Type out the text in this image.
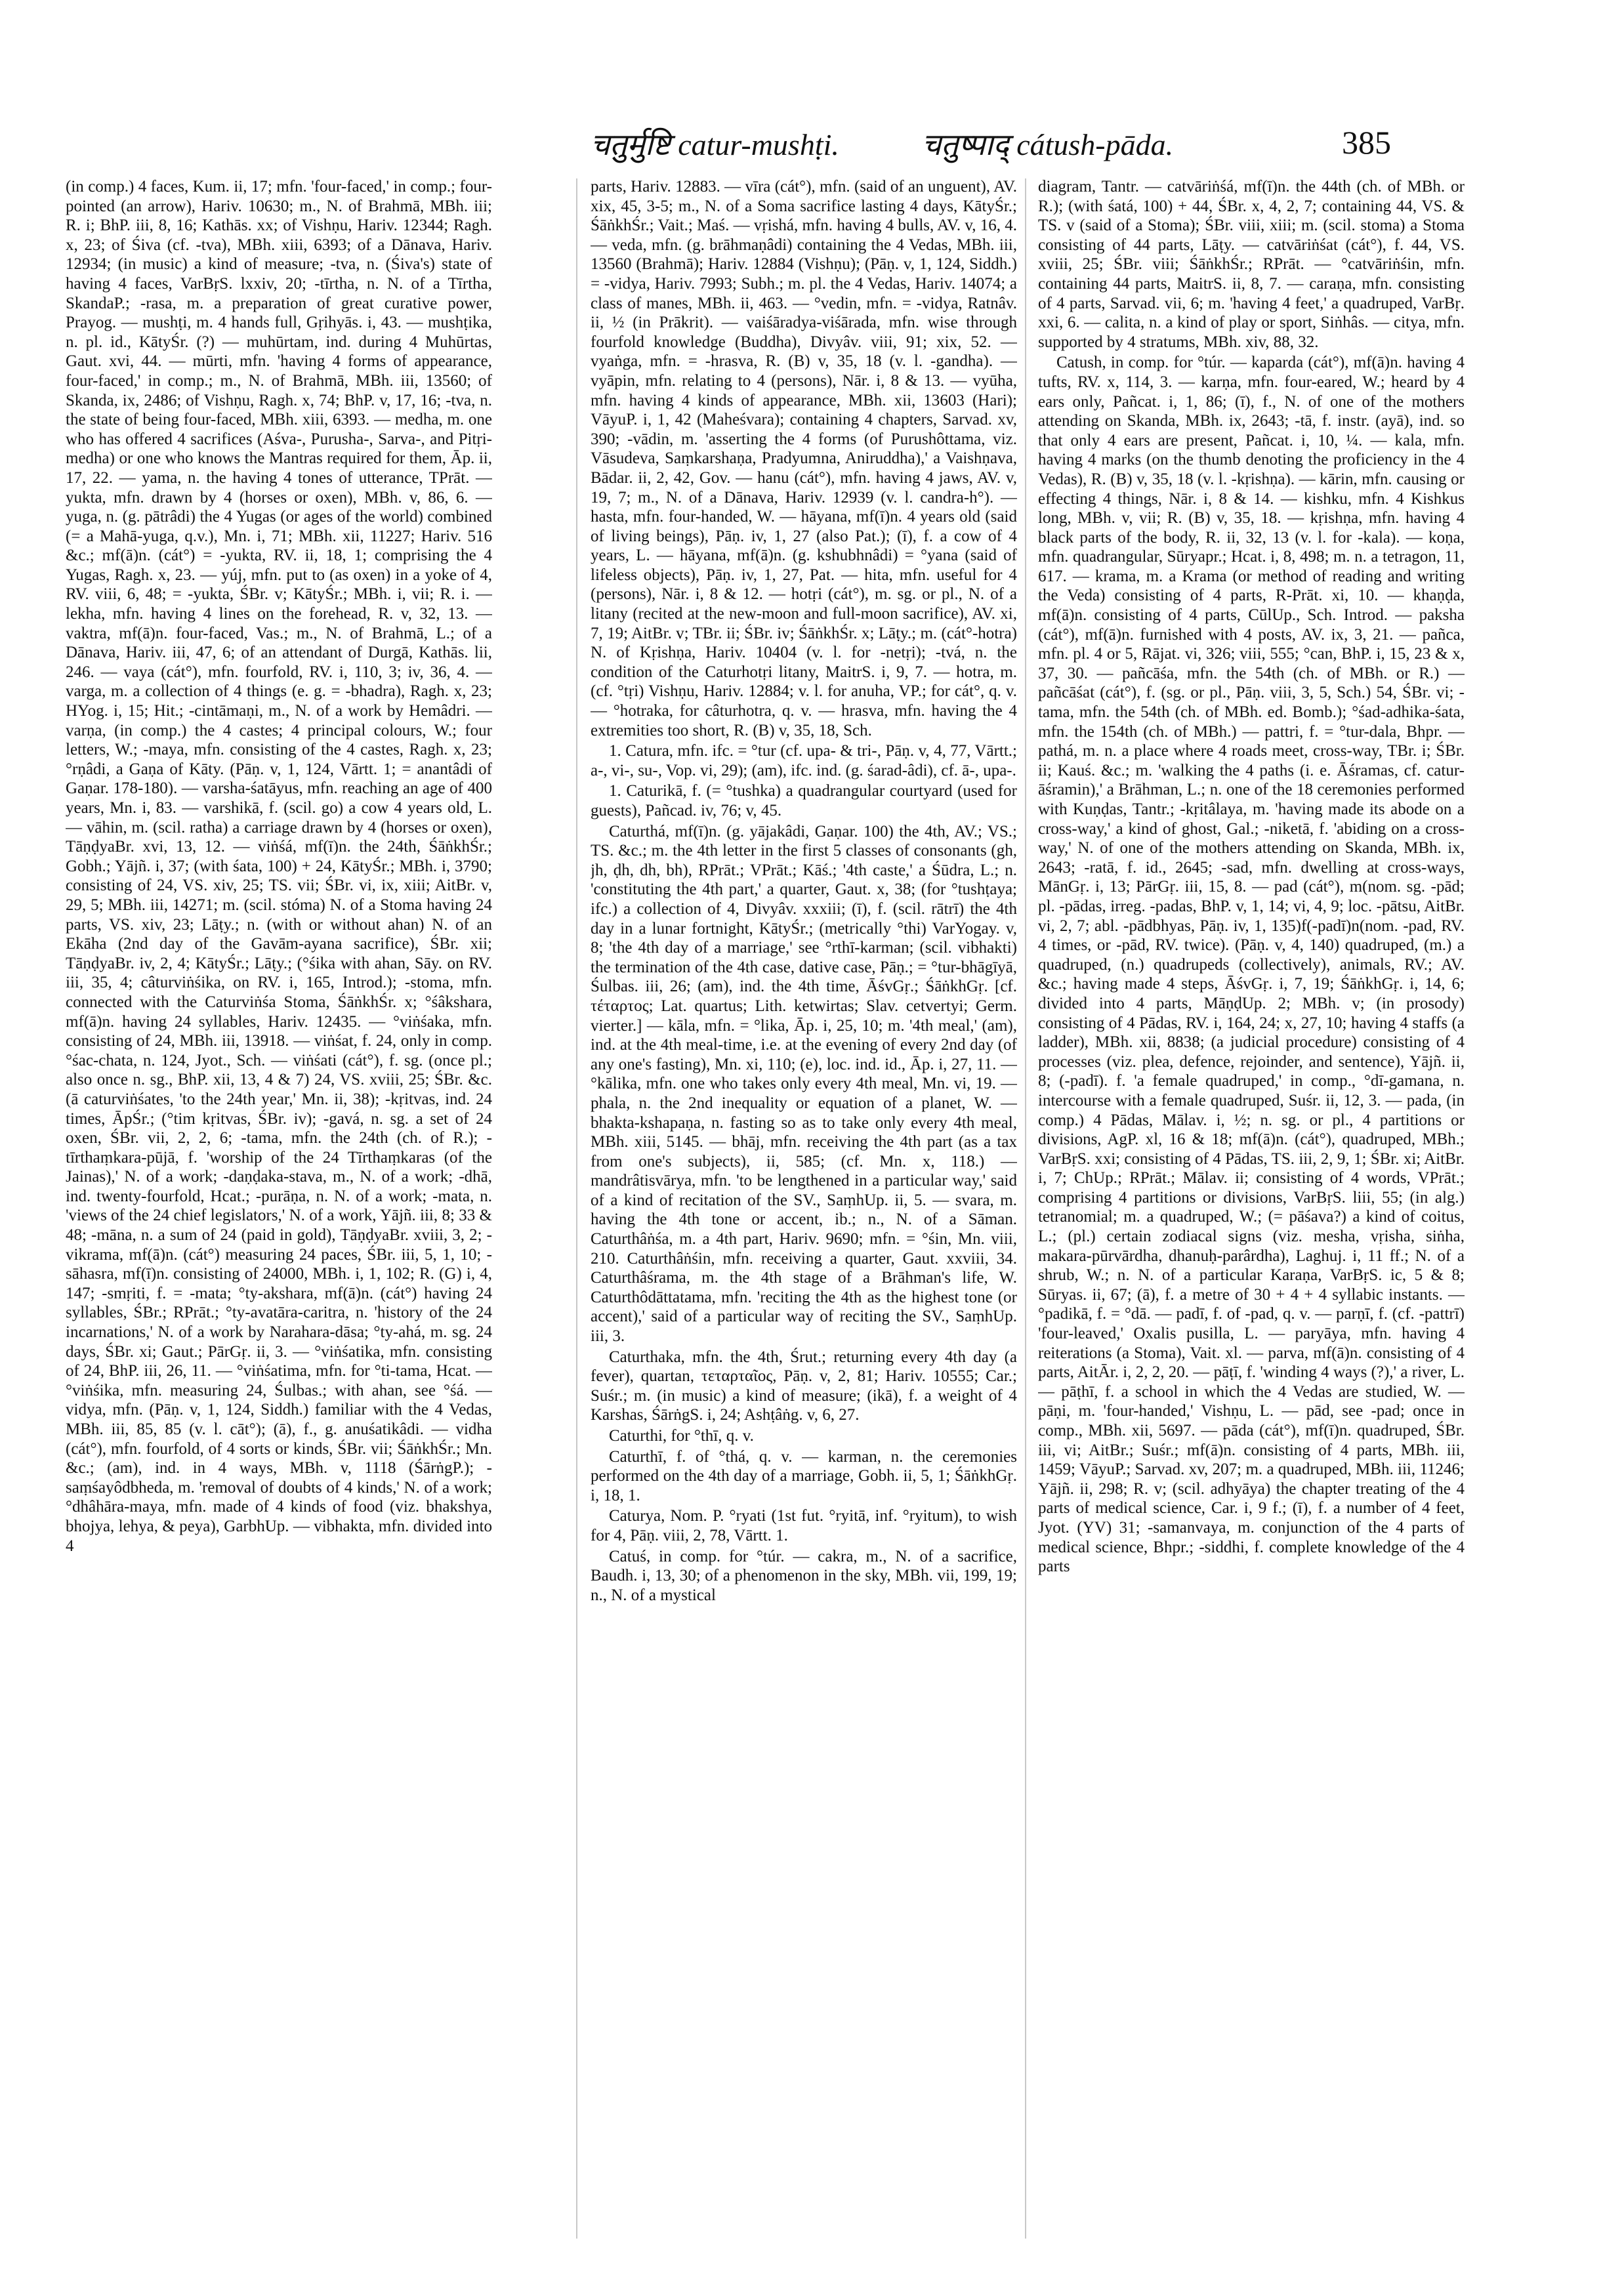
चतुर्मुष्टि catur-mushṭi.	चतुष्पाद् cátush-pāda.	385

(in comp.) 4 faces, Kum. ii, 17; mfn. 'four-faced,' in comp.; four-pointed (an arrow), Hariv. 10630; m., N. of Brahmā, MBh. iii; R. i; BhP. iii, 8, 16; Kathās. xx; of Vishṇu, Hariv. 12344; Ragh. x, 23; of Śiva (cf. -tva), MBh. xiii, 6393; of a Dānava, Hariv. 12934; (in music) a kind of measure; -tva, n. (Śiva's) state of having 4 faces, VarBṛS. lxxiv, 20; -tīrtha, n. N. of a Tīrtha, SkandaP.; -rasa, m. a preparation of great curative power, Prayog. — mushṭi, m. 4 hands full, Gṛihyās. i, 43. — mushṭika, n. pl. id., KātyŚr. (?) — muhūrtam, ind. during 4 Muhūrtas, Gaut. xvi, 44. — mūrti, mfn. 'having 4 forms of appearance, four-faced,' in comp.; m., N. of Brahmā, MBh. iii, 13560; of Skanda, ix, 2486; of Vishṇu, Ragh. x, 74; BhP. v, 17, 16; -tva, n. the state of being four-faced, MBh. xiii, 6393. — medha, m. one who has offered 4 sacrifices (Aśva-, Purusha-, Sarva-, and Pitṛi-medha) or one who knows the Mantras required for them, Āp. ii, 17, 22. — yama, n. the having 4 tones of utterance, TPrāt. — yukta, mfn. drawn by 4 (horses or oxen), MBh. v, 86, 6. — yuga, n. (g. pātrâdi) the 4 Yugas (or ages of the world) combined (= a Mahā-yuga, q.v.), Mn. i, 71; MBh. xii, 11227; Hariv. 516 &c.; mf(ā)n. (cát°) = -yukta, RV. ii, 18, 1; comprising the 4 Yugas, Ragh. x, 23. — yúj, mfn. put to (as oxen) in a yoke of 4, RV. viii, 6, 48; = -yukta, ŚBr. v; KātyŚr.; MBh. i, vii; R. i. — lekha, mfn. having 4 lines on the forehead, R. v, 32, 13. — vaktra, mf(ā)n. four-faced, Vas.; m., N. of Brahmā, L.; of a Dānava, Hariv. iii, 47, 6; of an attendant of Durgā, Kathās. lii, 246. — vaya (cát°), mfn. fourfold, RV. i, 110, 3; iv, 36, 4. — varga, m. a collection of 4 things (e. g. = -bhadra), Ragh. x, 23; HYog. i, 15; Hit.; -cintāmaṇi, m., N. of a work by Hemâdri. — varṇa, (in comp.) the 4 castes; 4 principal colours, W.; four letters, W.; -maya, mfn. consisting of the 4 castes, Ragh. x, 23; °rṇâdi, a Gaṇa of Kāty. (Pāṇ. v, 1, 124, Vārtt. 1; = anantâdi of Gaṇar. 178-180). — varsha-śatāyus, mfn. reaching an age of 400 years, Mn. i, 83. — varshikā, f. (scil. go) a cow 4 years old, L. — vāhin, m. (scil. ratha) a carriage drawn by 4 (horses or oxen), TāṇḍyaBr. xvi, 13, 12. — viṅśá, mf(ī)n. the 24th, ŚāṅkhŚr.; Gobh.; Yājñ. i, 37; (with śata, 100) + 24, KātyŚr.; MBh. i, 3790; consisting of 24, VS. xiv, 25; TS. vii; ŚBr. vi, ix, xiii; AitBr. v, 29, 5; MBh. iii, 14271; m. (scil. stóma) N. of a Stoma having 24 parts, VS. xiv, 23; Lāṭy.; n. (with or without ahan) N. of an Ekāha (2nd day of the Gavām-ayana sacrifice), ŚBr. xii; TāṇḍyaBr. iv, 2, 4; KātyŚr.; Lāṭy.; (°śika with ahan, Sāy. on RV. iii, 35, 4; câturviṅśika, on RV. i, 165, Introd.); -stoma, mfn. connected with the Caturviṅśa Stoma, ŚāṅkhŚr. x; °śâkshara, mf(ā)n. having 24 syllables, Hariv. 12435. — °viṅśaka, mfn. consisting of 24, MBh. iii, 13918. — viṅśat, f. 24, only in comp. °śac-chata, n. 124, Jyot., Sch. — viṅśati (cát°), f. sg. (once pl.; also once n. sg., BhP. xii, 13, 4 & 7) 24, VS. xviii, 25; ŚBr. &c. (ā caturviṅśates, 'to the 24th year,' Mn. ii, 38); -kṛitvas, ind. 24 times, ĀpŚr.; (°tim kṛitvas, ŚBr. iv); -gavá, n. sg. a set of 24 oxen, ŚBr. vii, 2, 2, 6; -tama, mfn. the 24th (ch. of R.); -tīrthaṃkara-pūjā, f. 'worship of the 24 Tīrthaṃkaras (of the Jainas),' N. of a work; -daṇḍaka-stava, m., N. of a work; -dhā, ind. twenty-fourfold, Hcat.; -purāṇa, n. N. of a work; -mata, n. 'views of the 24 chief legislators,' N. of a work, Yājñ. iii, 8; 33 & 48; -māna, n. a sum of 24 (paid in gold), TāṇḍyaBr. xviii, 3, 2; -vikrama, mf(ā)n. (cát°) measuring 24 paces, ŚBr. iii, 5, 1, 10; -sāhasra, mf(ī)n. consisting of 24000, MBh. i, 1, 102; R. (G) i, 4, 147; -smṛiti, f. = -mata; °ty-akshara, mf(ā)n. (cát°) having 24 syllables, ŚBr.; RPrāt.; °ty-avatāra-caritra, n. 'history of the 24 incarnations,' N. of a work by Narahara-dāsa; °ty-ahá, m. sg. 24 days, ŚBr. xi; Gaut.; PārGṛ. ii, 3. — °viṅśatika, mfn. consisting of 24, BhP. iii, 26, 11. — °viṅśatima, mfn. for °ti-tama, Hcat. — °viṅśika, mfn. measuring 24, Śulbas.; with ahan, see °śá. — vidya, mfn. (Pāṇ. v, 1, 124, Siddh.) familiar with the 4 Vedas, MBh. iii, 85, 85 (v. l. cāt°); (ā), f., g. anuśatikâdi. — vidha (cát°), mfn. fourfold, of 4 sorts or kinds, ŚBr. vii; ŚāṅkhŚr.; Mn. &c.; (am), ind. in 4 ways, MBh. v, 1118 (ŚārṅgP.); -saṃśayôdbheda, m. 'removal of doubts of 4 kinds,' N. of a work; °dhâhāra-maya, mfn. made of 4 kinds of food (viz. bhakshya, bhojya, lehya, & peya), GarbhUp. — vibhakta, mfn. divided into 4

parts, Hariv. 12883. — vīra (cát°), mfn. (said of an unguent), AV. xix, 45, 3-5; m., N. of a Soma sacrifice lasting 4 days, KātyŚr.; ŚāṅkhŚr.; Vait.; Maś. — vṛishá, mfn. having 4 bulls, AV. v, 16, 4. — veda, mfn. (g. brāhmaṇâdi) containing the 4 Vedas, MBh. iii, 13560 (Brahmā); Hariv. 12884 (Vishṇu); (Pāṇ. v, 1, 124, Siddh.) = -vidya, Hariv. 7993; Subh.; m. pl. the 4 Vedas, Hariv. 14074; a class of manes, MBh. ii, 463. — °vedin, mfn. = -vidya, Ratnâv. ii, ½ (in Prākrit). — vaiśāradya-viśārada, mfn. wise through fourfold knowledge (Buddha), Divyâv. viii, 91; xix, 52. — vyaṅga, mfn. = -hrasva, R. (B) v, 35, 18 (v. l. -gandha). — vyāpin, mfn. relating to 4 (persons), Nār. i, 8 & 13. — vyūha, mfn. having 4 kinds of appearance, MBh. xii, 13603 (Hari); VāyuP. i, 1, 42 (Maheśvara); containing 4 chapters, Sarvad. xv, 390; -vādin, m. 'asserting the 4 forms (of Purushôttama, viz. Vāsudeva, Saṃkarshaṇa, Pradyumna, Aniruddha),' a Vaishṇava, Bādar. ii, 2, 42, Gov. — hanu (cát°), mfn. having 4 jaws, AV. v, 19, 7; m., N. of a Dānava, Hariv. 12939 (v. l. candra-h°). — hasta, mfn. four-handed, W. — hāyana, mf(ī)n. 4 years old (said of living beings), Pāṇ. iv, 1, 27 (also Pat.); (ī), f. a cow of 4 years, L. — hāyana, mf(ā)n. (g. kshubhnâdi) = °yana (said of lifeless objects), Pāṇ. iv, 1, 27, Pat. — hita, mfn. useful for 4 (persons), Nār. i, 8 & 12. — hotṛi (cát°), m. sg. or pl., N. of a litany (recited at the new-moon and full-moon sacrifice), AV. xi, 7, 19; AitBr. v; TBr. ii; ŚBr. iv; ŚāṅkhŚr. x; Lāṭy.; m. (cát°-hotra) N. of Kṛishṇa, Hariv. 10404 (v. l. for -netṛi); -tvá, n. the condition of the Caturhotṛi litany, MaitrS. i, 9, 7. — hotra, m. (cf. °tṛi) Vishṇu, Hariv. 12884; v. l. for anuha, VP.; for cát°, q. v. — °hotraka, for câturhotra, q. v. — hrasva, mfn. having the 4 extremities too short, R. (B) v, 35, 18, Sch.

1. Catura, mfn. ifc. = °tur (cf. upa- & tri-, Pāṇ. v, 4, 77, Vārtt.; a-, vi-, su-, Vop. vi, 29); (am), ifc. ind. (g. śarad-âdi), cf. ā-, upa-.

1. Caturikā, f. (= °tushka) a quadrangular courtyard (used for guests), Pañcad. iv, 76; v, 45.

Caturthá, mf(ī)n. (g. yājakâdi, Gaṇar. 100) the 4th, AV.; VS.; TS. &c.; m. the 4th letter in the first 5 classes of consonants (gh, jh, ḍh, dh, bh), RPrāt.; VPrāt.; Kāś.; '4th caste,' a Śūdra, L.; n. 'constituting the 4th part,' a quarter, Gaut. x, 38; (for °tushṭaya; ifc.) a collection of 4, Divyâv. xxxiii; (ī), f. (scil. rātrī) the 4th day in a lunar fortnight, KātyŚr.; (metrically °thi) VarYogay. v, 8; 'the 4th day of a marriage,' see °rthī-karman; (scil. vibhakti) the termination of the 4th case, dative case, Pāṇ.; = °tur-bhāgīyā, Śulbas. iii, 26; (am), ind. the 4th time, ĀśvGṛ.; ŚāṅkhGṛ. [cf. τέταρτος; Lat. quartus; Lith. ketwirtas; Slav. cetvertyi; Germ. vierter.] — kāla, mfn. = °lika, Āp. i, 25, 10; m. '4th meal,' (am), ind. at the 4th meal-time, i.e. at the evening of every 2nd day (of any one's fasting), Mn. xi, 110; (e), loc. ind. id., Āp. i, 27, 11. — °kālika, mfn. one who takes only every 4th meal, Mn. vi, 19. — phala, n. the 2nd inequality or equation of a planet, W. — bhakta-kshapaṇa, n. fasting so as to take only every 4th meal, MBh. xiii, 5145. — bhāj, mfn. receiving the 4th part (as a tax from one's subjects), ii, 585; (cf. Mn. x, 118.) — mandrâtisvārya, mfn. 'to be lengthened in a particular way,' said of a kind of recitation of the SV., SaṃhUp. ii, 5. — svara, m. having the 4th tone or accent, ib.; n., N. of a Sāman. Caturthâṅśa, m. a 4th part, Hariv. 9690; mfn. = °śin, Mn. viii, 210. Caturthâṅśin, mfn. receiving a quarter, Gaut. xxviii, 34. Caturthâśrama, m. the 4th stage of a Brāhman's life, W. Caturthôdāttatama, mfn. 'reciting the 4th as the highest tone (or accent),' said of a particular way of reciting the SV., SaṃhUp. iii, 3.

Caturthaka, mfn. the 4th, Śrut.; returning every 4th day (a fever), quartan, τεταρταῖος, Pāṇ. v, 2, 81; Hariv. 10555; Car.; Suśr.; m. (in music) a kind of measure; (ikā), f. a weight of 4 Karshas, ŚārṅgS. i, 24; Ashṭâṅg. v, 6, 27.

Caturthi, for °thī, q. v.

Caturthī, f. of °thá, q. v. — karman, n. the ceremonies performed on the 4th day of a marriage, Gobh. ii, 5, 1; ŚāṅkhGṛ. i, 18, 1.

Caturya, Nom. P. °ryati (1st fut. °ryitā, inf. °ryitum), to wish for 4, Pāṇ. viii, 2, 78, Vārtt. 1.

Catuś, in comp. for °túr. — cakra, m., N. of a sacrifice, Baudh. i, 13, 30; of a phenomenon in the sky, MBh. vii, 199, 19; n., N. of a mystical

diagram, Tantr. — catvāriṅśá, mf(ī)n. the 44th (ch. of MBh. or R.); (with śatá, 100) + 44, ŚBr. x, 4, 2, 7; containing 44, VS. & TS. v (said of a Stoma); ŚBr. viii, xiii; m. (scil. stoma) a Stoma consisting of 44 parts, Lāṭy. — catvāriṅśat (cát°), f. 44, VS. xviii, 25; ŚBr. viii; ŚāṅkhŚr.; RPrāt. — °catvāriṅśin, mfn. containing 44 parts, MaitrS. ii, 8, 7. — caraṇa, mfn. consisting of 4 parts, Sarvad. vii, 6; m. 'having 4 feet,' a quadruped, VarBṛ. xxi, 6. — calita, n. a kind of play or sport, Siṅhâs. — citya, mfn. supported by 4 stratums, MBh. xiv, 88, 32.

Catush, in comp. for °túr. — kaparda (cát°), mf(ā)n. having 4 tufts, RV. x, 114, 3. — karṇa, mfn. four-eared, W.; heard by 4 ears only, Pañcat. i, 1, 86; (ī), f., N. of one of the mothers attending on Skanda, MBh. ix, 2643; -tā, f. instr. (ayā), ind. so that only 4 ears are present, Pañcat. i, 10, ¼. — kala, mfn. having 4 marks (on the thumb denoting the proficiency in the 4 Vedas), R. (B) v, 35, 18 (v. l. -kṛishṇa). — kārin, mfn. causing or effecting 4 things, Nār. i, 8 & 14. — kishku, mfn. 4 Kishkus long, MBh. v, vii; R. (B) v, 35, 18. — kṛishṇa, mfn. having 4 black parts of the body, R. ii, 32, 13 (v. l. for -kala). — koṇa, mfn. quadrangular, Sūryapr.; Hcat. i, 8, 498; m. n. a tetragon, 11, 617. — krama, m. a Krama (or method of reading and writing the Veda) consisting of 4 parts, R-Prāt. xi, 10. — khaṇḍa, mf(ā)n. consisting of 4 parts, CūlUp., Sch. Introd. — paksha (cát°), mf(ā)n. furnished with 4 posts, AV. ix, 3, 21. — pañca, mfn. pl. 4 or 5, Rājat. vi, 326; viii, 555; °can, BhP. i, 15, 23 & x, 37, 30. — pañcāśa, mfn. the 54th (ch. of MBh. or R.) — pañcāśat (cát°), f. (sg. or pl., Pāṇ. viii, 3, 5, Sch.) 54, ŚBr. vi; -tama, mfn. the 54th (ch. of MBh. ed. Bomb.); °śad-adhika-śata, mfn. the 154th (ch. of MBh.) — pattri, f. = °tur-dala, Bhpr. — pathá, m. n. a place where 4 roads meet, cross-way, TBr. i; ŚBr. ii; Kauś. &c.; m. 'walking the 4 paths (i. e. Āśramas, cf. catur-āśramin),' a Brāhman, L.; n. one of the 18 ceremonies performed with Kuṇḍas, Tantr.; -kṛitâlaya, m. 'having made its abode on a cross-way,' a kind of ghost, Gal.; -niketā, f. 'abiding on a cross-way,' N. of one of the mothers attending on Skanda, MBh. ix, 2643; -ratā, f. id., 2645; -sad, mfn. dwelling at cross-ways, MānGṛ. i, 13; PārGṛ. iii, 15, 8. — pad (cát°), m(nom. sg. -pād; pl. -pādas, irreg. -padas, BhP. v, 1, 14; vi, 4, 9; loc. -pātsu, AitBr. vi, 2, 7; abl. -pādbhyas, Pāṇ. iv, 1, 135)f(-padī)n(nom. -pad, RV. 4 times, or -pād, RV. twice). (Pāṇ. v, 4, 140) quadruped, (m.) a quadruped, (n.) quadrupeds (collectively), animals, RV.; AV. &c.; having made 4 steps, ĀśvGṛ. i, 7, 19; ŚāṅkhGṛ. i, 14, 6; divided into 4 parts, MāṇḍUp. 2; MBh. v; (in prosody) consisting of 4 Pādas, RV. i, 164, 24; x, 27, 10; having 4 staffs (a ladder), MBh. xii, 8838; (a judicial procedure) consisting of 4 processes (viz. plea, defence, rejoinder, and sentence), Yājñ. ii, 8; (-padī). f. 'a female quadruped,' in comp., °dī-gamana, n. intercourse with a female quadruped, Suśr. ii, 12, 3. — pada, (in comp.) 4 Pādas, Mālav. i, ½; n. sg. or pl., 4 partitions or divisions, AgP. xl, 16 & 18; mf(ā)n. (cát°), quadruped, MBh.; VarBṛS. xxi; consisting of 4 Pādas, TS. iii, 2, 9, 1; ŚBr. xi; AitBr. i, 7; ChUp.; RPrāt.; Mālav. ii; consisting of 4 words, VPrāt.; comprising 4 partitions or divisions, VarBṛS. liii, 55; (in alg.) tetranomial; m. a quadruped, W.; (= pāśava?) a kind of coitus, L.; (pl.) certain zodiacal signs (viz. mesha, vṛisha, siṅha, makara-pūrvārdha, dhanuḥ-parârdha), Laghuj. i, 11 ff.; N. of a shrub, W.; n. N. of a particular Karaṇa, VarBṛS. ic, 5 & 8; Sūryas. ii, 67; (ā), f. a metre of 30 + 4 + 4 syllabic instants. — °padikā, f. = °dā. — padī, f. of -pad, q. v. — parṇī, f. (cf. -pattrī) 'four-leaved,' Oxalis pusilla, L. — paryāya, mfn. having 4 reiterations (a Stoma), Vait. xl. — parva, mf(ā)n. consisting of 4 parts, AitĀr. i, 2, 2, 20. — pāṭī, f. 'winding 4 ways (?),' a river, L. — pāṭhī, f. a school in which the 4 Vedas are studied, W. — pāṇi, m. 'four-handed,' Vishṇu, L. — pād, see -pad; once in comp., MBh. xii, 5697. — pāda (cát°), mf(ī)n. quadruped, ŚBr. iii, vi; AitBr.; Suśr.; mf(ā)n. consisting of 4 parts, MBh. iii, 1459; VāyuP.; Sarvad. xv, 207; m. a quadruped, MBh. iii, 11246; Yājñ. ii, 298; R. v; (scil. adhyāya) the chapter treating of the 4 parts of medical science, Car. i, 9 f.; (ī), f. a number of 4 feet, Jyot. (YV) 31; -samanvaya, m. conjunction of the 4 parts of medical science, Bhpr.; -siddhi, f. complete knowledge of the 4 parts
